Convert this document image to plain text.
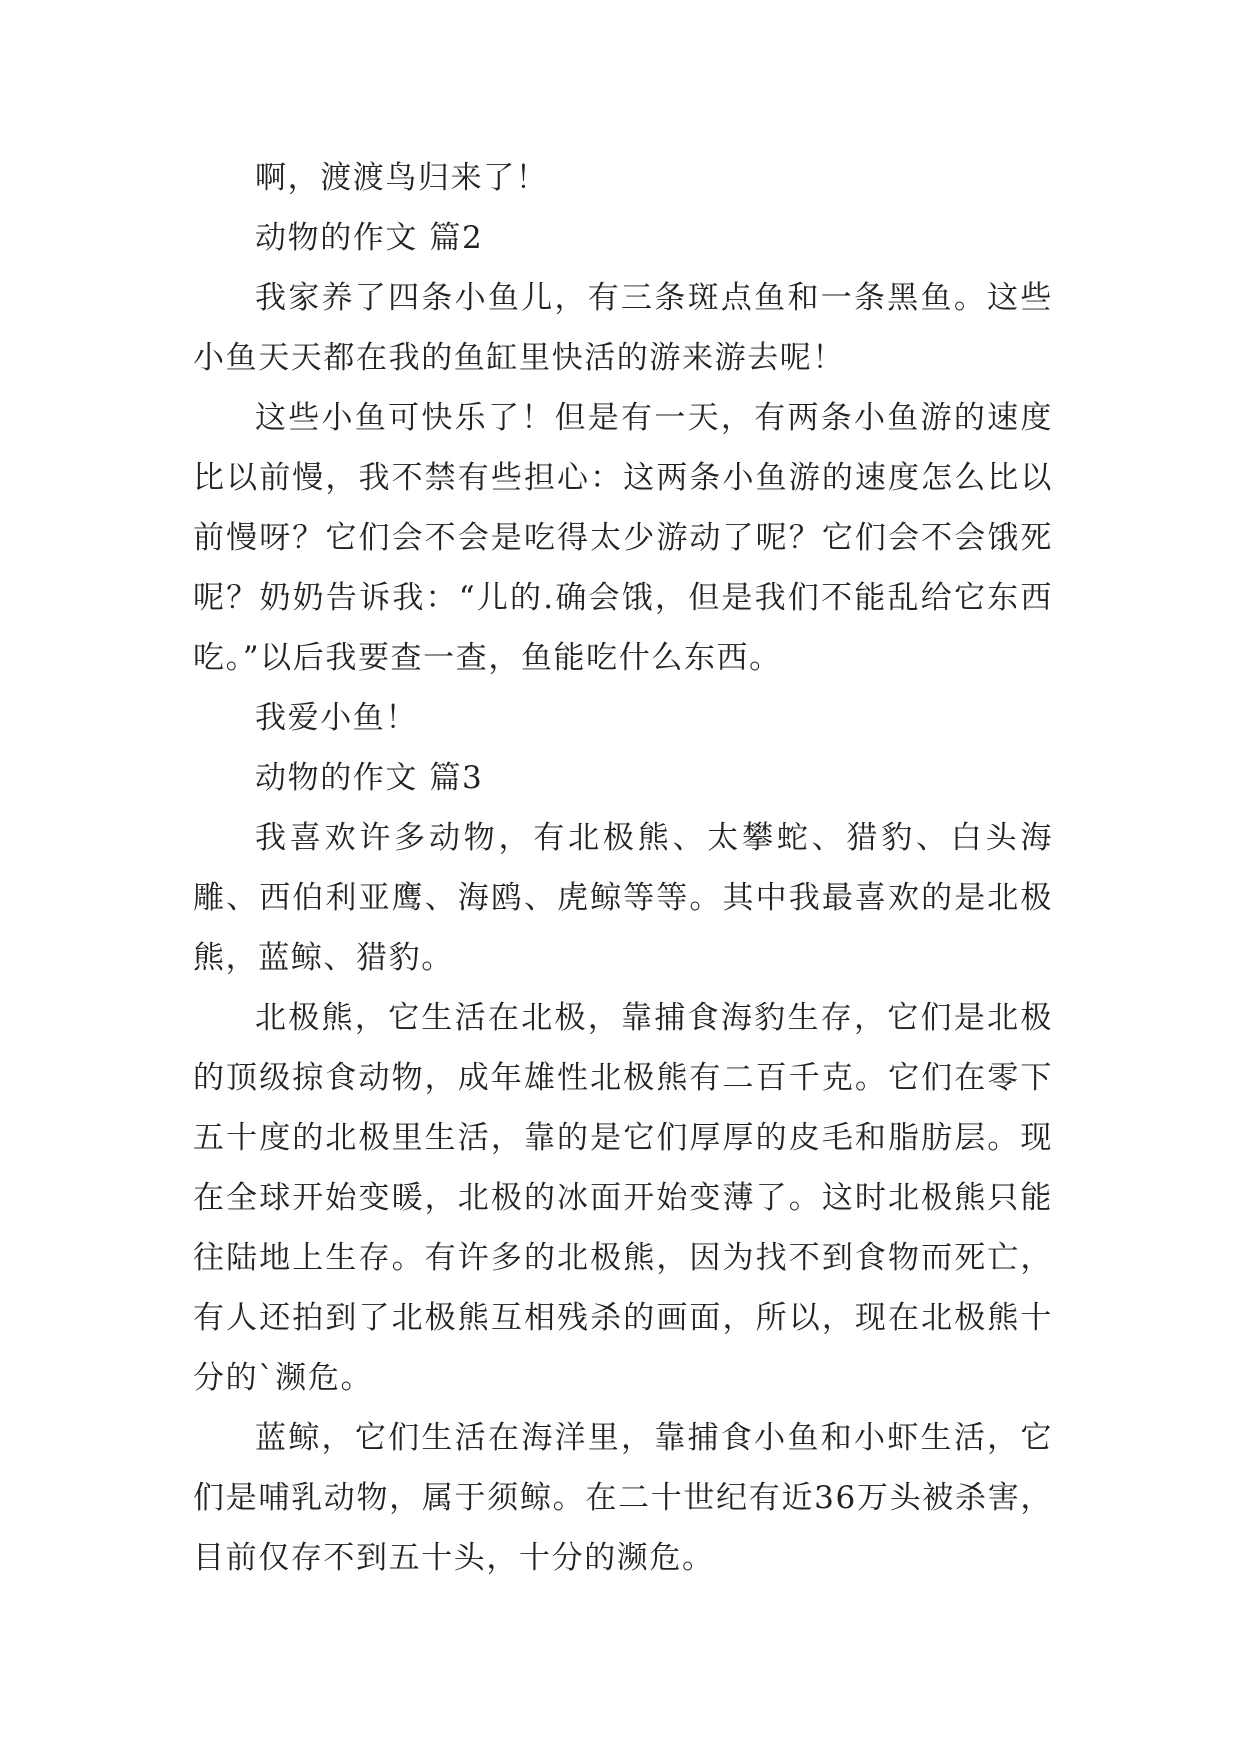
啊，渡渡鸟归来了！

动物的作文 篇2

我家养了四条小鱼儿，有三条斑点鱼和一条黑鱼。这些小鱼天天都在我的鱼缸里快活的游来游去呢！

这些小鱼可快乐了！但是有一天，有两条小鱼游的速度比以前慢，我不禁有些担心：这两条小鱼游的速度怎么比以前慢呀？它们会不会是吃得太少游动了呢？它们会不会饿死呢？奶奶告诉我：“儿的.确会饿，但是我们不能乱给它东西吃。”以后我要查一查，鱼能吃什么东西。

我爱小鱼！

动物的作文 篇3

我喜欢许多动物，有北极熊、太攀蛇、猎豹、白头海雕、西伯利亚鹰、海鸥、虎鲸等等。其中我最喜欢的是北极熊，蓝鲸、猎豹。

北极熊，它生活在北极，靠捕食海豹生存，它们是北极的顶级掠食动物，成年雄性北极熊有二百千克。它们在零下五十度的北极里生活，靠的是它们厚厚的皮毛和脂肪层。现在全球开始变暖，北极的冰面开始变薄了。这时北极熊只能往陆地上生存。有许多的北极熊，因为找不到食物而死亡，有人还拍到了北极熊互相残杀的画面，所以，现在北极熊十分的`濒危。

蓝鲸，它们生活在海洋里，靠捕食小鱼和小虾生活，它们是哺乳动物，属于须鲸。在二十世纪有近36万头被杀害，目前仅存不到五十头，十分的濒危。
